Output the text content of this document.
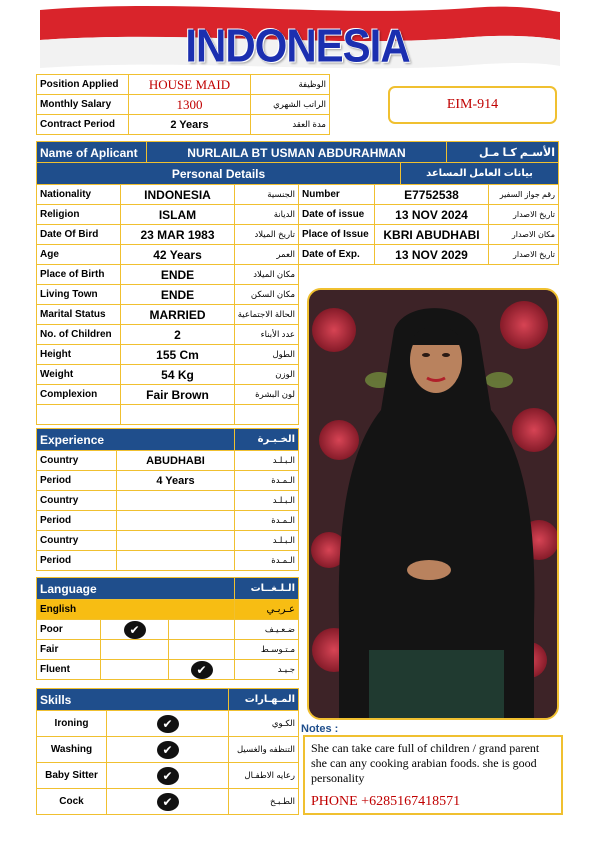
INDONESIA
Position Applied	HOUSE MAID	الوظيفة
Monthly Salary	1300	الراتب الشهري
Contract Period	2 Years	مدة العقد
EIM-914
Name of Aplicant	NURLAILA BT USMAN ABDURAHMAN	الأسـم كـا مـل
Personal Details	بيانات العامل المساعد
Nationality	INDONESIA	الجنسية
Religion	ISLAM	الديانة
Date Of Bird	23 MAR 1983	تاريخ الميلاد
Age	42 Years	العمر
Place of Birth	ENDE	مكان الميلاد
Living Town	ENDE	مكان السكن
Marital Status	MARRIED	الحالة الاجتماعية
No. of Children	2	عدد الأبناء
Height	155 Cm	الطول
Weight	54 Kg	الوزن
Complexion	Fair Brown	لون البشرة

Number	E7752538	رقم جواز السفير
Date of issue	13 NOV 2024	تاريخ الاصدار
Place of Issue	KBRI ABUDHABI	مكان الاصدار
Date of Exp.	13 NOV 2029	تاريخ الاصدار
Experience		الخـبـرة
Country	ABUDHABI	الـبـلـد
Period	4 Years	الـمـدة
Country		الـبـلـد
Period		الـمـدة
Country		الـبـلـد
Period		الـمـدة
Language			الـلـغــات
English			عـربـي
Poor	✔		ضـعـيـف
Fair			مـتـوسـط
Fluent		✔	جـيـد
Skills		المـهـارات
Ironing	✔	الكـوي
Washing	✔	التنظفه والغسيل
Baby Sitter	✔	رعايه الاطفـال
Cock	✔	الطـبـخ
Notes :
She can take care full of children / grand parent she can any cooking arabian foods. she is good personality
PHONE +6285167418571
